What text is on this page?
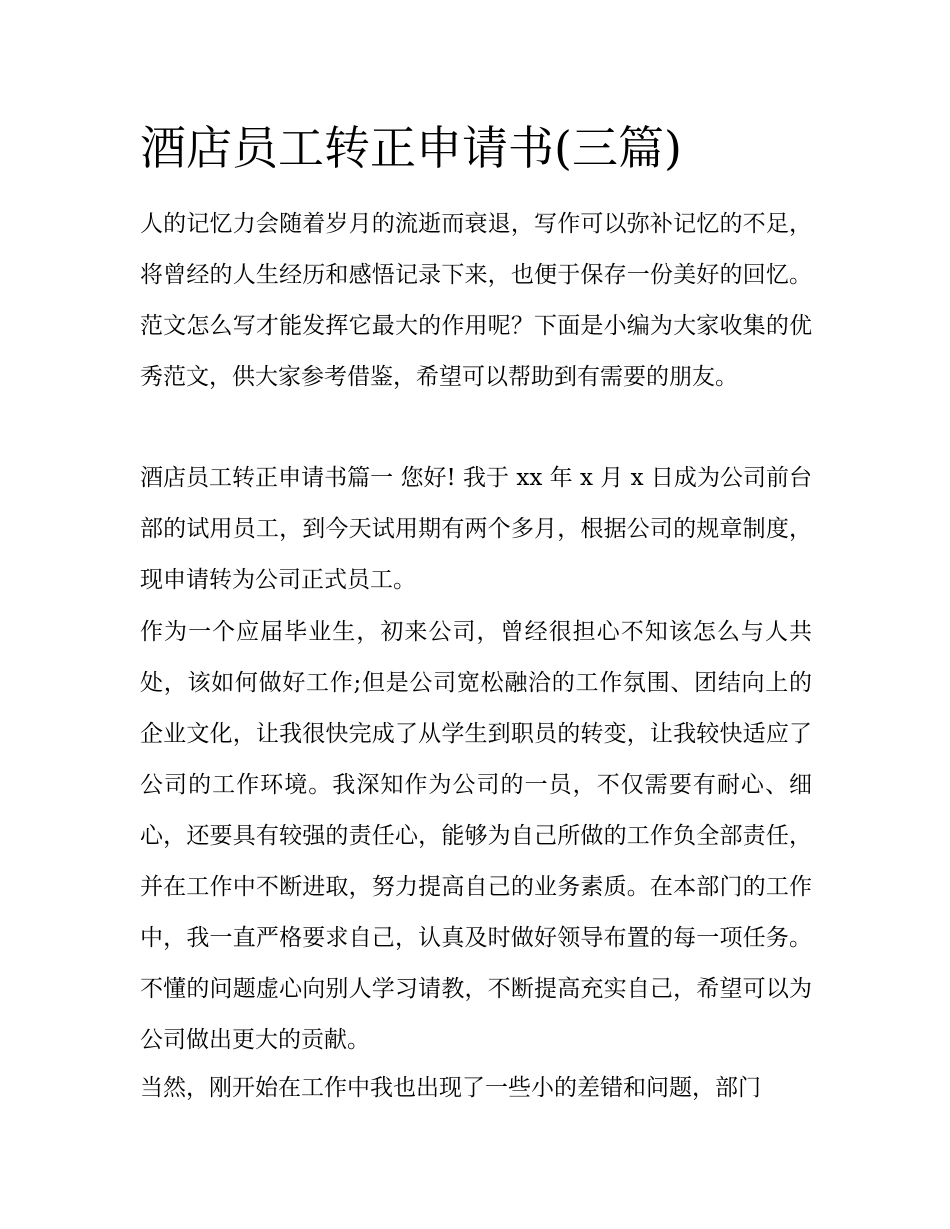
酒店员工转正申请书(三篇)

人的记忆力会随着岁月的流逝而衰退，写作可以弥补记忆的不足，将曾经的人生经历和感悟记录下来，也便于保存一份美好的回忆。范文怎么写才能发挥它最大的作用呢？下面是小编为大家收集的优秀范文，供大家参考借鉴，希望可以帮助到有需要的朋友。

酒店员工转正申请书篇一 您好! 我于 xx 年 x 月 x 日成为公司前台部的试用员工，到今天试用期有两个多月，根据公司的规章制度，现申请转为公司正式员工。

作为一个应届毕业生，初来公司，曾经很担心不知该怎么与人共处，该如何做好工作;但是公司宽松融洽的工作氛围、团结向上的企业文化，让我很快完成了从学生到职员的转变，让我较快适应了公司的工作环境。我深知作为公司的一员，不仅需要有耐心、细心，还要具有较强的责任心，能够为自己所做的工作负全部责任，并在工作中不断进取，努力提高自己的业务素质。在本部门的工作中，我一直严格要求自己，认真及时做好领导布置的每一项任务。不懂的问题虚心向别人学习请教，不断提高充实自己，希望可以为公司做出更大的贡献。

当然，刚开始在工作中我也出现了一些小的差错和问题，部门
